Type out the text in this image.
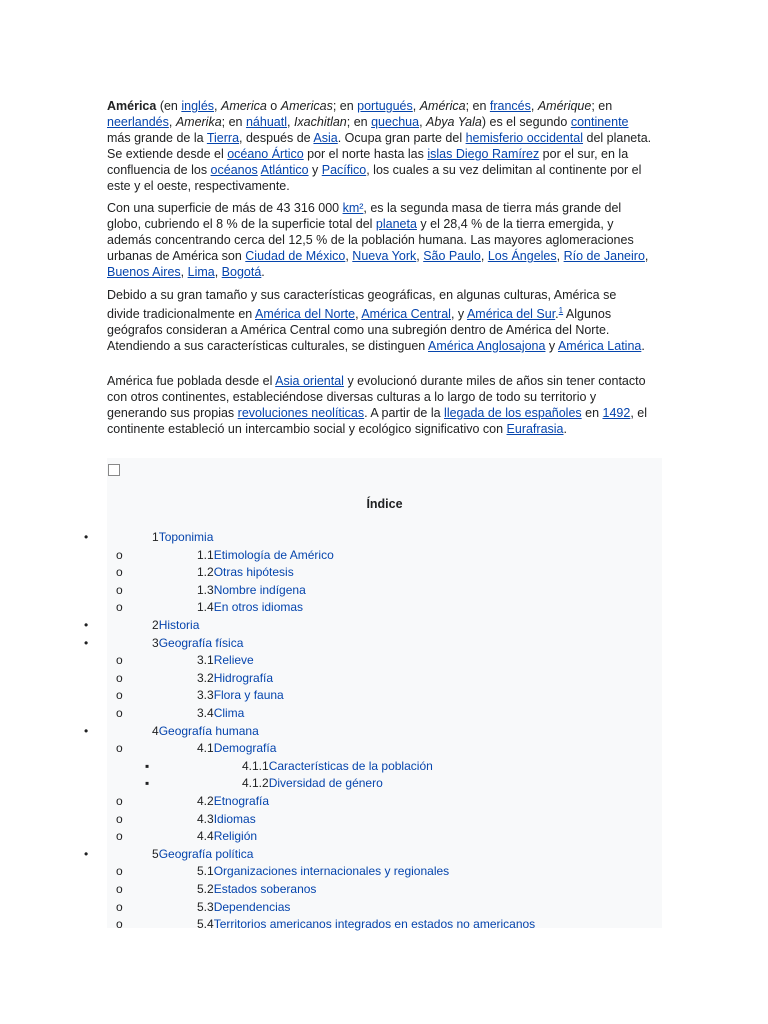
América (en inglés, America o Americas; en portugués, América; en francés, Amérique; en
neerlandés, Amerika; en náhuatl, Ixachitlan; en quechua, Abya Yala) es el segundo continente más grande de la Tierra, después de Asia. Ocupa gran parte del hemisferio occidental del planeta. Se extiende desde el océano Ártico por el norte hasta las islas Diego Ramírez por el sur, en la confluencia de los océanos Atlántico y Pacífico, los cuales a su vez delimitan al continente por el este y el oeste, respectivamente.

Con una superficie de más de 43 316 000 km², es la segunda masa de tierra más grande del globo, cubriendo el 8 % de la superficie total del planeta y el 28,4 % de la tierra emergida, y además concentrando cerca del 12,5 % de la población humana. Las mayores aglomeraciones urbanas de América son Ciudad de México, Nueva York, São Paulo, Los Ángeles, Río de Janeiro, Buenos Aires, Lima, Bogotá.

Debido a su gran tamaño y sus características geográficas, en algunas culturas, América se divide tradicionalmente en América del Norte, América Central, y América del Sur.$^1$ Algunos geógrafos consideran a América Central como una subregión dentro de América del Norte. Atendiendo a sus características culturales, se distinguen América Anglosajona y América Latina.

América fue poblada desde el Asia oriental y evolucionó durante miles de años sin tener contacto con otros continentes, estableciéndose diversas culturas a lo largo de todo su territorio y generando sus propias revoluciones neolíticas. A partir de la llegada de los españoles en 1492, el continente estableció un intercambio social y ecológico significativo con Eurafrasia.

Índice
•	1Toponimia
o	1.1Etimología de Américo
o	1.2Otras hipótesis
o	1.3Nombre indígena
o	1.4En otros idiomas
•	2Historia
•	3Geografía física
o	3.1Relieve
o	3.2Hidrografía
o	3.3Flora y fauna
o	3.4Clima
•	4Geografía humana
o	4.1Demografía
▪	4.1.1Características de la población
▪	4.1.2Diversidad de género
o	4.2Etnografía
o	4.3Idiomas
o	4.4Religión
•	5Geografía política
o	5.1Organizaciones internacionales y regionales
o	5.2Estados soberanos
o	5.3Dependencias
o	5.4Territorios americanos integrados en estados no americanos
